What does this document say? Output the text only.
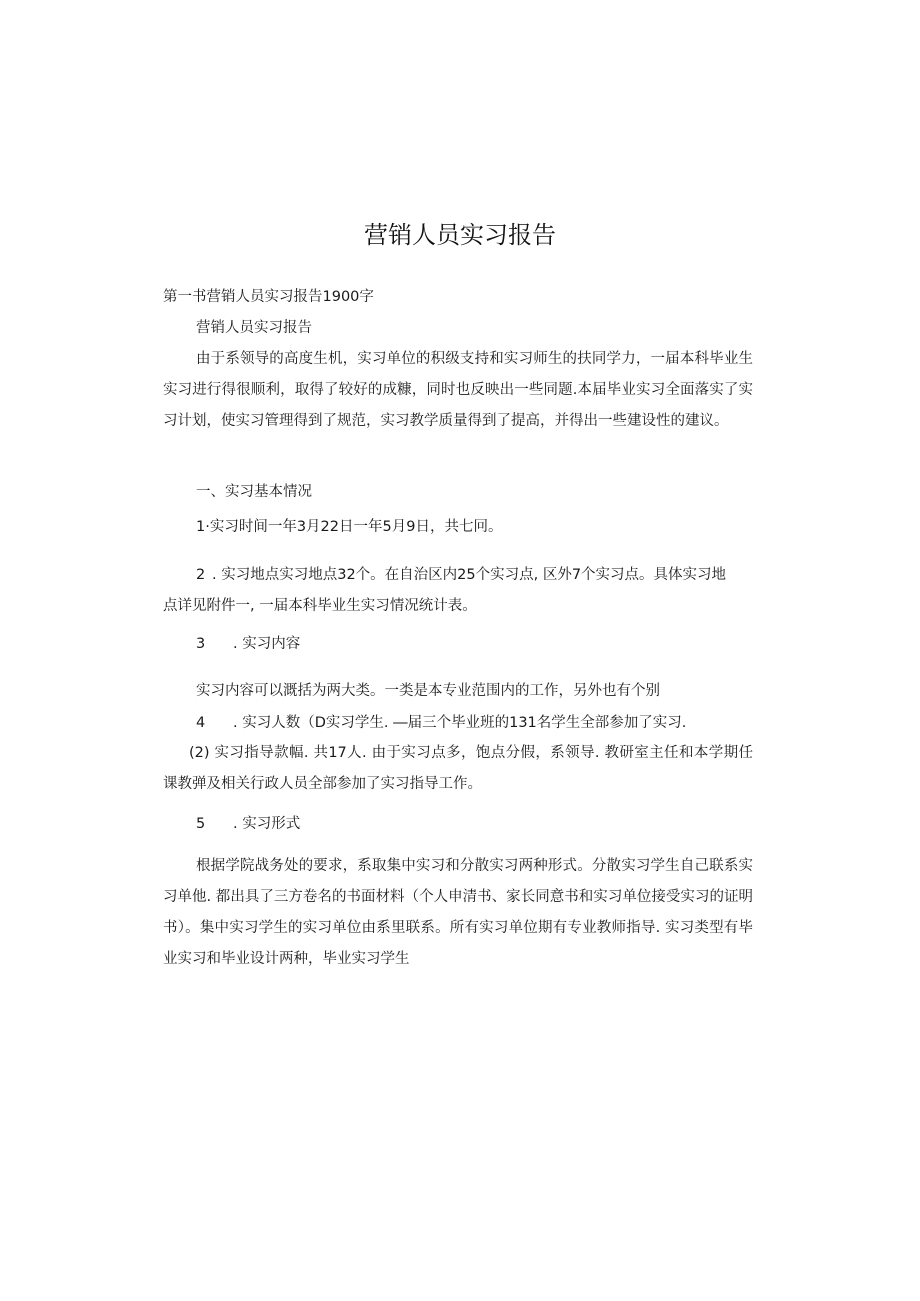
营销人员实习报告
第一书营销人员实习报告1900字
营销人员实习报告
由于系领导的高度生机，实习单位的积级支持和实习师生的扶同学力，一届本科毕业生实习进行得很顺利，取得了较好的成糠，同时也反映出一些同题.本届毕业实习全面落实了实习计划，使实习管理得到了规范，实习教学质量得到了提高，并得出一些建设性的建议。
一、实习基本情况
1·实习时间一年3月22日一年5月9日，共七冋。
2 . 实习地点实习地点32个。在自治区内25个实习点, 区外7个实习点。具体实习地
点详见附件一, 一届本科毕业生实习情况统计表。
3 . 实习内容
实习内容可以溉括为两大类。一类是本专业范围内的工作，另外也有个别
4 . 实习人数（D实习学生. ―届三个毕业班的131名学生全部参加了实习.
(2) 实习指导款幅. 共17人. 由于实习点多，饱点分假，系领导. 教研室主任和本学期任课教弹及相关行政人员全部参加了实习指导工作。
5 . 实习形式
根据学院战务处的要求，系取集中实习和分散实习两种形式。分散实习学生自己联系实习单他. 都出具了三方卷名的书面材料（个人申清书、家长同意书和实习单位接受实习的证明书）。集中实习学生的实习单位由系里联系。所有实习单位期有专业教师指导. 实习类型有毕业实习和毕业设计两种，毕业实习学生
